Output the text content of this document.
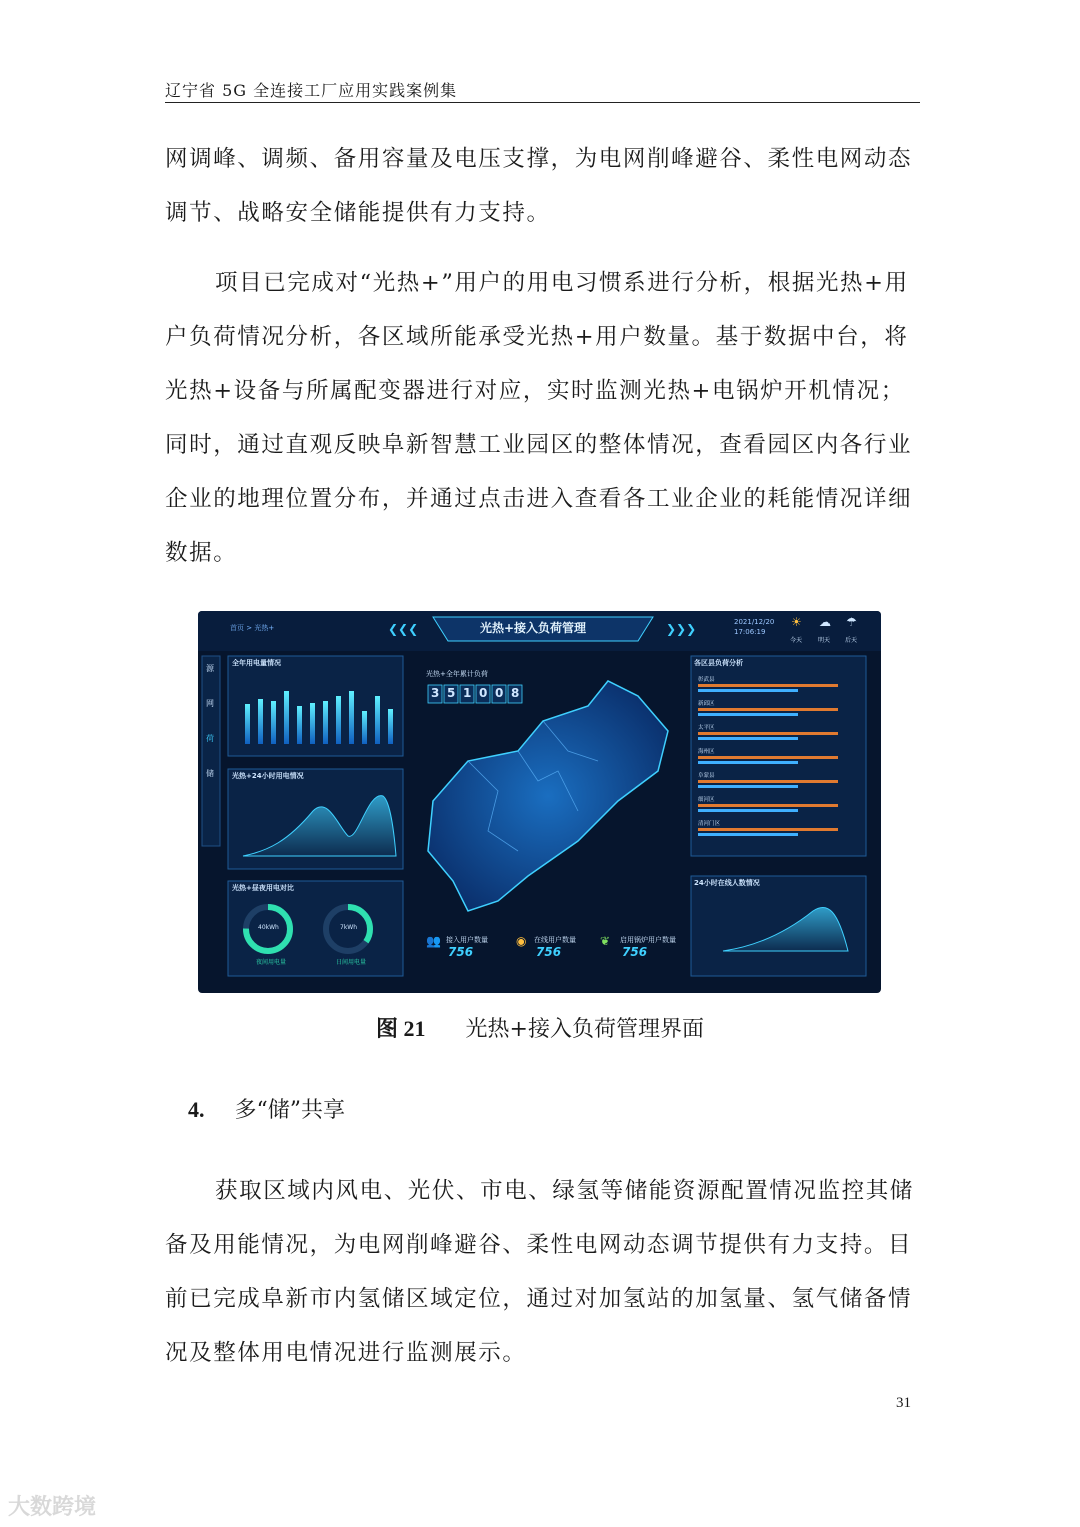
辽宁省 5G 全连接工厂应用实践案例集

网调峰、调频、备用容量及电压支撑，为电网削峰避谷、柔性电网动态调节、战略安全储能提供有力支持。

项目已完成对“光热+”用户的用电习惯系进行分析，根据光热+用户负荷情况分析，各区域所能承受光热+用户数量。基于数据中台，将光热+设备与所属配变器进行对应，实时监测光热+电锅炉开机情况；同时，通过直观反映阜新智慧工业园区的整体情况，查看园区内各行业企业的地理位置分布，并通过点击进入查看各工业企业的耗能情况详细数据。

❮❮❮	❯❯❯
光热+接入负荷管理
首页 > 光热+
2021/12/20
17:06:19
☀ ☁ ☂
今天	明天 后天
源
网
荷
储
全年用电量情况
光热+24小时用电情况
光热+昼夜用电对比
各区县负荷分析
24小时在线人数情况
40kWh
夜间用电量
7kWh
日间用电量
光热+全年累计负荷
3 5 1 0 0 8
👥 接入用户数量
756
◉ 在线用户数量
756
❦ 启用锅炉用户数量
756
彰武县
新邱区
太平区
海州区
阜蒙县
细河区
清河门区
图 21 光热+接入负荷管理界面
4. 多“储”共享

获取区域内风电、光伏、市电、绿氢等储能资源配置情况监控其储备及用能情况，为电网削峰避谷、柔性电网动态调节提供有力支持。目前已完成阜新市内氢储区域定位，通过对加氢站的加氢量、氢气储备情况及整体用电情况进行监测展示。

31
大数跨境
